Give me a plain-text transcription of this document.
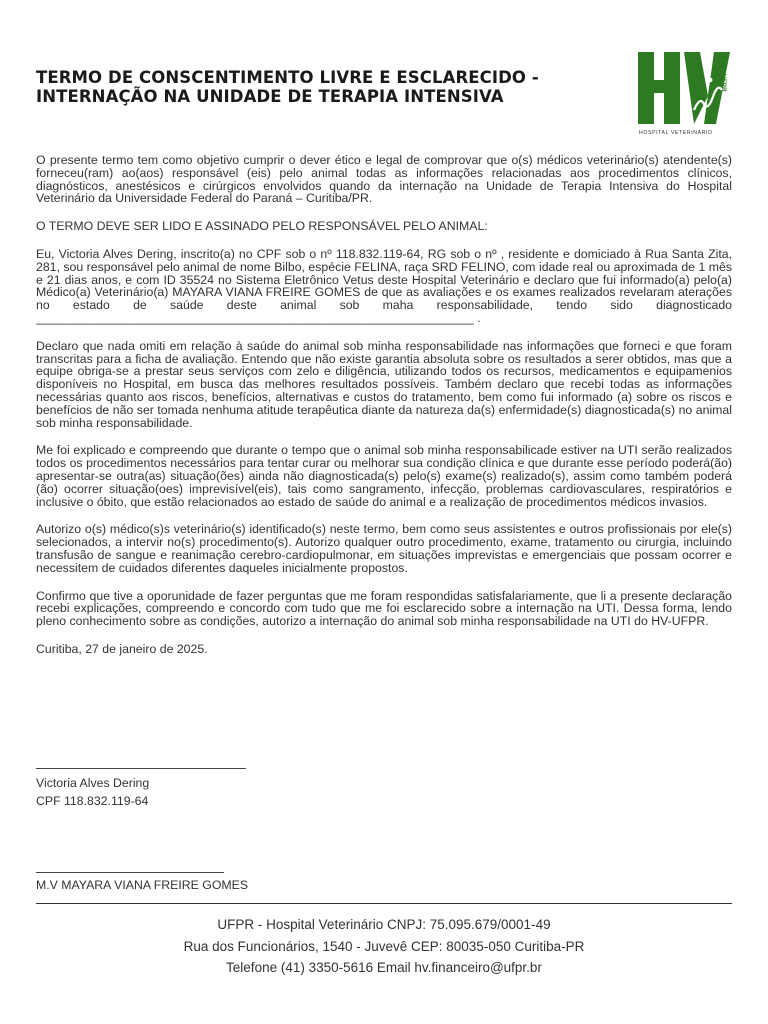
TERMO DE CONSCENTIMENTO LIVRE E ESCLARECIDO -
INTERNAÇÃO NA UNIDADE DE TERAPIA INTENSIVA
UFPR
HOSPITAL VETERINÁRIO

O presente termo tem como objetivo cumprir o dever ético e legal de comprovar que o(s) médicos veterinário(s) atendente(s) forneceu(ram) ao(aos) responsável (eis) pelo animal todas as informações relacionadas aos procedimentos clínicos, diagnósticos, anestésicos e cirúrgicos envolvidos quando da internação na Unidade de Terapia Intensiva do Hospital Veterinário da Universidade Federal do Paraná – Curitiba/PR.

O TERMO DEVE SER LIDO E ASSINADO PELO RESPONSÁVEL PELO ANIMAL:

Eu, Victoria Alves Dering, inscrito(a) no CPF sob o nº 118.832.119-64, RG sob o nº , residente e domiciado à Rua Santa Zita, 281, sou responsável pelo animal de nome Bilbo, espécie FELINA, raça SRD FELINO, com idade real ou aproximada de 1 mês e 21 dias anos, e com ID 35524 no Sistema Eletrônico Vetus deste Hospital Veterinário e declaro que fui informado(a) pelo(a) Médico(a) Veterinário(a) MAYARA VIANA FREIRE GOMES de que as avaliações e os exames realizados revelaram aterações no estado de saúde deste animal sob maha responsabilidade, tendo sido diagnosticado ________________________________________________________________ .

Declaro que nada omiti em relação à saúde do animal sob minha responsabilidade nas informações que forneci e que foram transcritas para a ficha de avaliação. Entendo que não existe garantia absoluta sobre os resultados a serer obtidos, mas que a equipe obriga-se a prestar seus serviços com zelo e diligência, utilizando todos os recursos, medicamentos e equipamenios disponíveis no Hospital, em busca das melhores resultados possíveis. Também declaro que recebi todas as informações necessárias quanto aos riscos, benefícios, alternativas e custos do tratamento, bem como fui informado (a) sobre os riscos e benefícios de não ser tomada nenhuma atitude terapêutica diante da natureza da(s) enfermidade(s) diagnosticada(s) no animal sob minha responsabilidade.

Me foi explicado e compreendo que durante o tempo que o animal sob minha responsabilicade estiver na UTI serão realizados todos os procedimentos necessários para tentar curar ou melhorar sua condição clínica e que durante esse período poderá(ão) apresentar-se outra(as) situação(ões) ainda não diagnosticada(s) pelo(s) exame(s) realizado(s), assim como também poderá (ão) ocorrer situação(oes) imprevisível(eis), tais como sangramento, infecção, problemas cardiovasculares, respiratórios e inclusive o óbito, que estão relacionados ao estado de saúde do animal e a realização de procedimentos médicos invasios.

Autorizo o(s) médico(s)s veterinário(s) identificado(s) neste termo, bem como seus assistentes e outros profissionais por ele(s) selecionados, a intervir no(s) procedimento(s). Autorizo qualquer outro procedimento, exame, tratamento ou cirurgia, incluindo transfusão de sangue e reanimação cerebro-cardiopulmonar, em situações imprevistas e emergenciais que possam ocorrer e necessitem de cuidados diferentes daqueles inicialmente propostos.

Confirmo que tive a oporunidade de fazer perguntas que me foram respondidas satisfalariamente, que li a presente declaração recebi explicações, compreendo e concordo com tudo que me foi esclarecido sobre a internação na UTI. Dessa forma, lendo pleno conhecimento sobre as condições, autorizo a internação do animal sob minha responsabilidade na UTI do HV-UFPR.

Curitiba, 27 de janeiro de 2025.

Victoria Alves Dering
CPF 118.832.119-64
M.V MAYARA VIANA FREIRE GOMES
UFPR - Hospital Veterinário CNPJ: 75.095.679/0001-49
Rua dos Funcionários, 1540 - Juvevê CEP: 80035-050 Curitiba-PR
Telefone (41) 3350-5616 Email hv.financeiro@ufpr.br
